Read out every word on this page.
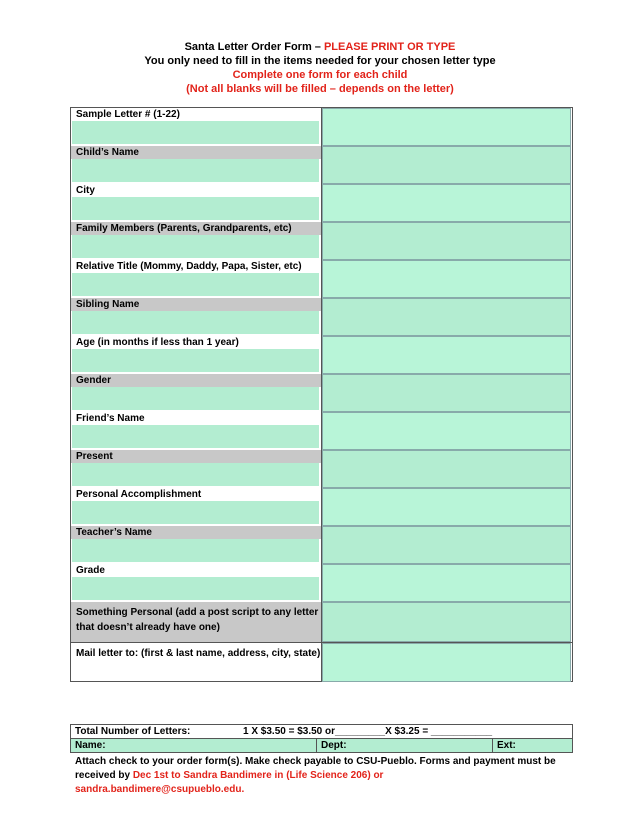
Santa Letter Order Form – PLEASE PRINT OR TYPE
You only need to fill in the items needed for your chosen letter type
Complete one form for each child
(Not all blanks will be filled – depends on the letter)
Sample Letter # (1-22)
Child’s Name
City
Family Members (Parents, Grandparents, etc)
Relative Title (Mommy, Daddy, Papa, Sister, etc)
Sibling Name
Age (in months if less than 1 year)
Gender
Friend’s Name
Present
Personal Accomplishment
Teacher’s Name
Grade
Something Personal (add a post script to any letter that doesn’t already have one)
Mail letter to: (first & last name, address, city, state)
Total Number of Letters:	1 X $3.50 = $3.50 or_________X $3.25 = ___________
Name:	Dept:	Ext:
Attach check to your order form(s). Make check payable to CSU-Pueblo. Forms and payment must be received by Dec 1st to Sandra Bandimere in (Life Science 206) or
sandra.bandimere@csupueblo.edu.
